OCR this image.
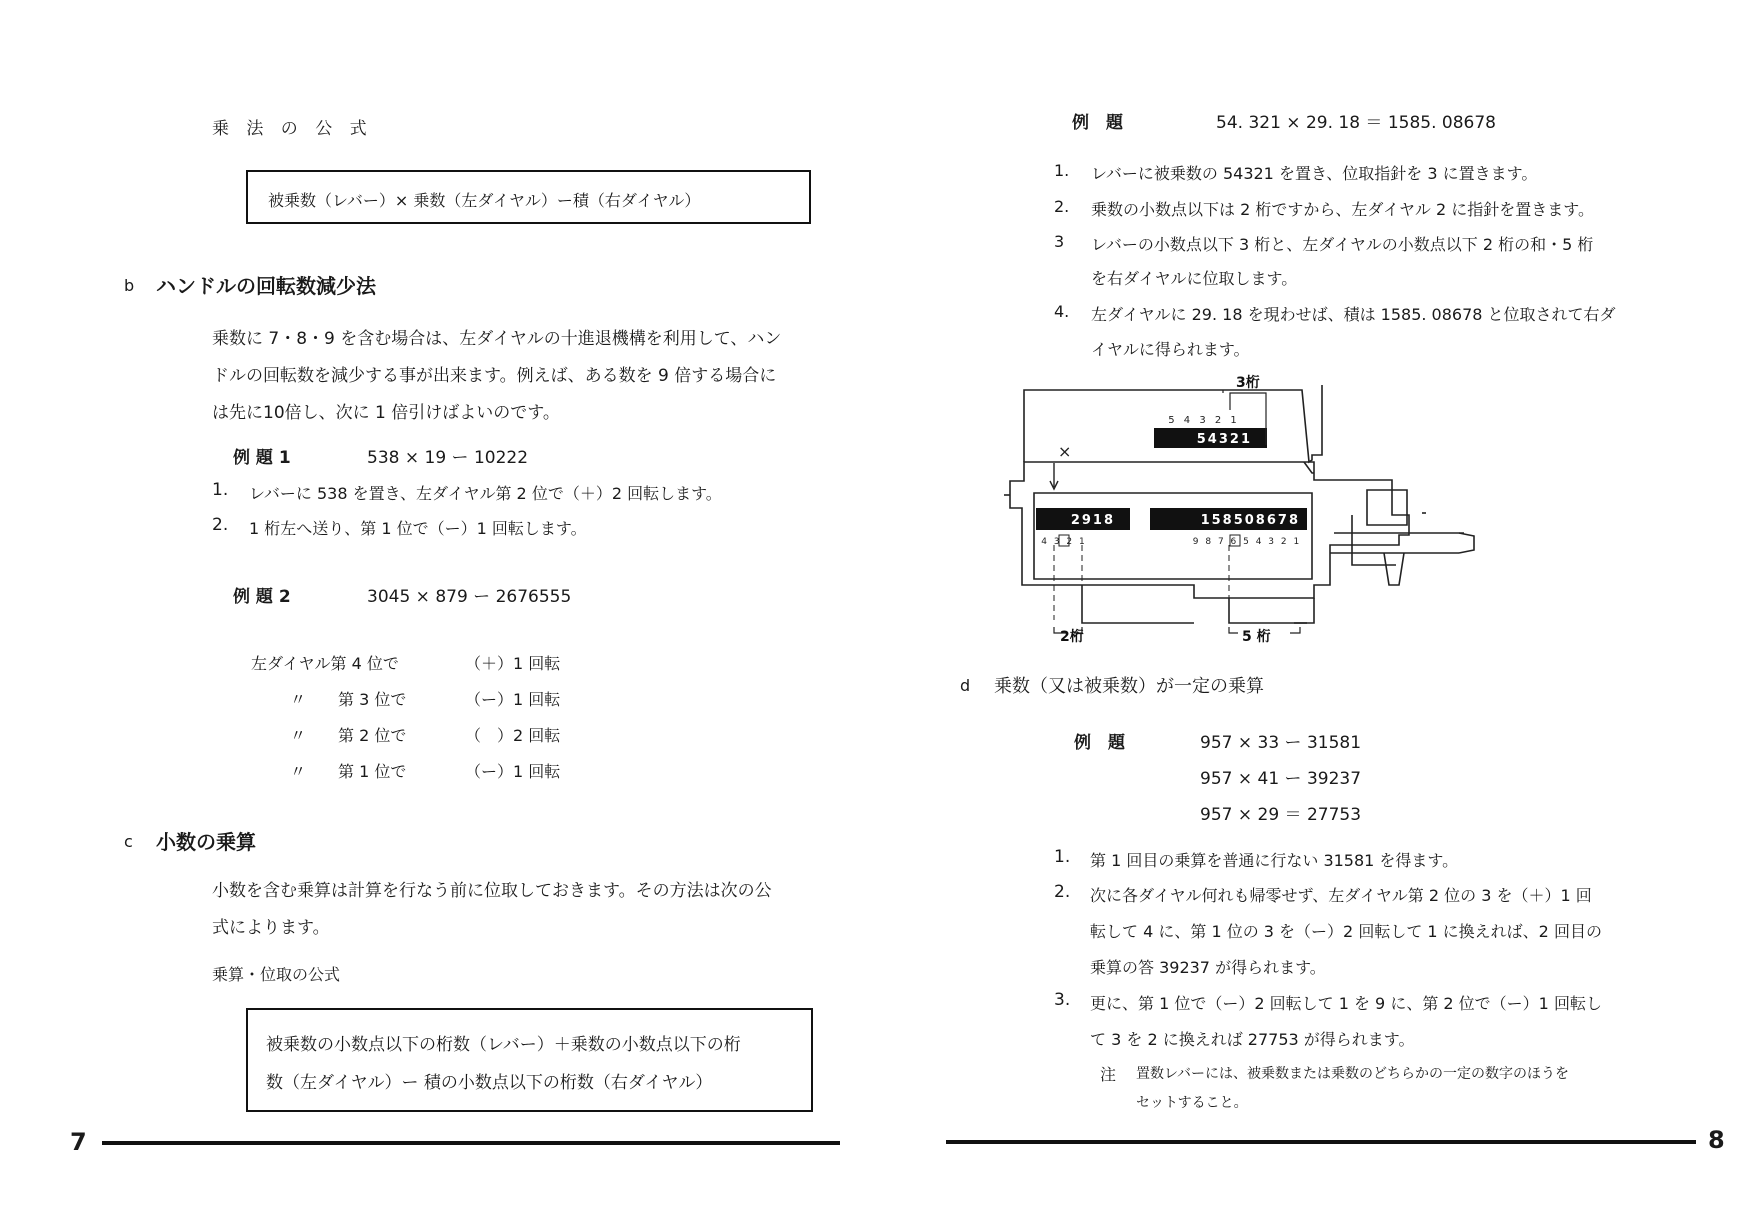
乗 法 の 公 式
被乗数（レバー）× 乗数（左ダイヤル）ー積（右ダイヤル）
b ハンドルの回転数減少法
乗数に 7・8・9 を含む場合は、左ダイヤルの十進退機構を利用して、ハン
ドルの回転数を減少する事が出来ます。例えば、ある数を 9 倍する場合に
は先に10倍し、次に 1 倍引けばよいのです。
例 題 1	538 × 19 ー 10222
1. レバーに 538 を置き、左ダイヤル第 2 位で（＋）2 回転します。
2. 1 桁左へ送り、第 1 位で（ー）1 回転します。
例 題 2	3045 × 879 ー 2676555
左ダイヤル第 4 位で	（＋）1 回転
〃　　第 3 位で	（ー）1 回転
〃　　第 2 位で	（　）2 回転
〃　　第 1 位で	（ー）1 回転
c 小数の乗算
小数を含む乗算は計算を行なう前に位取しておきます。その方法は次の公
式によります。
乗算・位取の公式
被乗数の小数点以下の桁数（レバー）＋乗数の小数点以下の桁
数（左ダイヤル）ー 積の小数点以下の桁数（右ダイヤル）
7
例　題	54. 321 × 29. 18 ＝ 1585. 08678
1. レバーに被乗数の 54321 を置き、位取指針を 3 に置きます。
2. 乗数の小数点以下は 2 桁ですから、左ダイヤル 2 に指針を置きます。
3 レバーの小数点以下 3 桁と、左ダイヤルの小数点以下 2 桁の和・5 桁
を右ダイヤルに位取します。
4. 左ダイヤルに 29. 18 を現わせば、積は 1585. 08678 と位取されて右ダ
イヤルに得られます。
5 4 3 2 1
54321
3桁
×
2918
4 3 2 1
158508678
9 8 7 6 5 4 3 2 1
2桁	5 桁
d 乗数（又は被乗数）が一定の乗算
例　題	957 × 33 ー 31581
957 × 41 ー 39237
957 × 29 ＝ 27753
1. 第 1 回目の乗算を普通に行ない 31581 を得ます。
2. 次に各ダイヤル何れも帰零せず、左ダイヤル第 2 位の 3 を（＋）1 回
転して 4 に、第 1 位の 3 を（ー）2 回転して 1 に換えれば、2 回目の
乗算の答 39237 が得られます。
3. 更に、第 1 位で（ー）2 回転して 1 を 9 に、第 2 位で（ー）1 回転し
て 3 を 2 に換えれば 27753 が得られます。
注 置数レバーには、被乗数または乗数のどちらかの一定の数字のほうを
セットすること。
8
